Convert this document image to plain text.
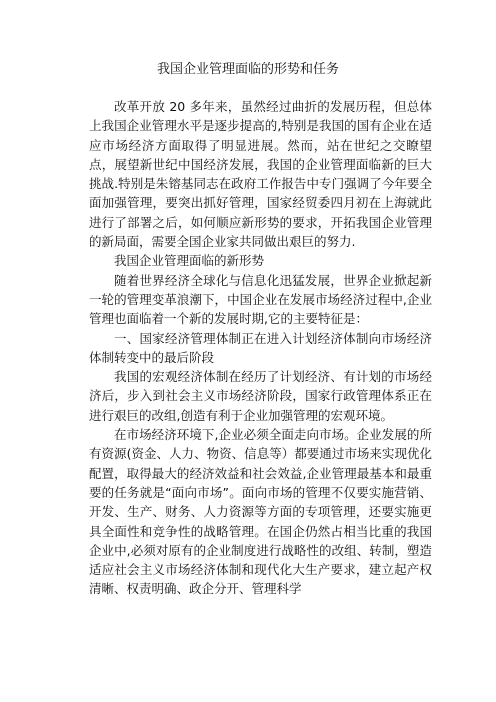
我国企业管理面临的形势和任务

改革开放 20 多年来，虽然经过曲折的发展历程，但总体上我国企业管理水平是逐步提高的,特别是我国的国有企业在适应市场经济方面取得了明显进展。然而，站在世纪之交瞭望点，展望新世纪中国经济发展，我国的企业管理面临新的巨大挑战.特别是朱镕基同志在政府工作报告中专门强调了今年要全面加强管理，要突出抓好管理，国家经贸委四月初在上海就此进行了部署之后，如何顺应新形势的要求，开拓我国企业管理的新局面，需要全国企业家共同做出艰巨的努力.

我国企业管理面临的新形势

随着世界经济全球化与信息化迅猛发展，世界企业掀起新一轮的管理变革浪潮下，中国企业在发展市场经济过程中,企业管理也面临着一个新的发展时期,它的主要特征是：

一、国家经济管理体制正在进入计划经济体制向市场经济体制转变中的最后阶段

我国的宏观经济体制在经历了计划经济、有计划的市场经济后，步入到社会主义市场经济阶段，国家行政管理体系正在进行艰巨的改组,创造有利于企业加强管理的宏观环境。

在市场经济环境下,企业必须全面走向市场。企业发展的所有资源(资金、人力、物资、信息等）都要通过市场来实现优化配置，取得最大的经济效益和社会效益,企业管理最基本和最重要的任务就是“面向市场”。面向市场的管理不仅要实施营销、开发、生产、财务、人力资源等方面的专项管理，还要实施更具全面性和竞争性的战略管理。在国企仍然占相当比重的我国企业中,必须对原有的企业制度进行战略性的改组、转制，塑造适应社会主义市场经济体制和现代化大生产要求，建立起产权清晰、权责明确、政企分开、管理科学
